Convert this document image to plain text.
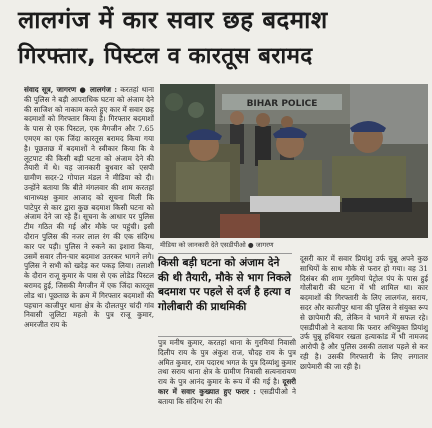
लालगंज में कार सवार छह बदमाश
गिरफ्तार, पिस्टल व कारतूस बरामद
संवाद सूत्र, जागरण ● लालगंज : करतहां थाना की पुलिस ने बड़ी आपराधिक घटना को अंजाम देने की साजिश को नाकाम करते हुए कार में सवार छह बदमाशों को गिरफ्तार किया है। गिरफ्तार बदमाशों के पास से एक पिस्टल, एक मैगजीन और 7.65 एमएम का एक जिंदा कारतूस बरामद किया गया है। पूछताछ में बदमाशों ने स्वीकार किया कि वे लूटपाट की किसी बड़ी घटना को अंजाम देने की तैयारी में थे। यह जानकारी बुधवार को एसपी ग्रामीण सदर-2 गोपाल मंडल ने मीडिया को दी। उन्होंने बताया कि बीते मंगलवार की शाम करतहां थानाध्यक्ष कुमार आजाद को सूचना मिली कि पाटेपुर से कार द्वारा कुछ बदमाश किसी घटना को अंजाम देने जा रहे हैं। सूचना के आधार पर पुलिस टीम गठित की गई और मौके पर पहुंची। इसी दौरान पुलिस की नजर लाल रंग की एक संदिग्ध कार पर पड़ी। पुलिस ने रुकने का इशारा किया, उसमें सवार तीन-चार बदमाश उतरकर भागने लगे। पुलिस ने सभी को खदेड़ कर पकड़ लिया। तलाशी के दौरान राजू कुमार के पास से एक लोडेड पिस्टल बरामद हुई, जिसकी मैगजीन में एक जिंदा कारतूस लोड था। पूछताछ के क्रम में गिरफ्तार बदमाशों की पहचान काजीपुर थाना क्षेत्र के दौलतपुर चांदी गांव निवासी जुलिटा महतो के पुत्र राजू कुमार, अमरजीत राय के
BIHAR POLICE
मीडिया को जानकारी देते एसडीपीओ ● जागरण
किसी बड़ी घटना को अंजाम देने की थी तैयारी, मौके से भाग निकले बदमाश पर पहले से दर्ज है हत्या व गोलीबारी की प्राथमिकी
पुत्र मनीष कुमार, करतहां थाना के गुरमियां निवासी दिलीप राय के पुत्र अंकुश राज, चौदह राय के पुत्र अमित कुमार, राम पदारथ भगत के पुत्र दिव्यांशु कुमार तथा सराय थाना क्षेत्र के ग्रामीण निवासी सत्यनारायण राय के पुत्र आनंद कुमार के रूप में की गई है। दूसरी कार में सवार कुख्यात हुए फरार : एसडीपीओ ने बताया कि संदिग्ध रंग की
दूसरी कार में सवार प्रियांशु उर्फ चुन्नू अपने कुछ साथियों के साथ मौके से फरार हो गया। वह 31 दिसंबर की शाम गुरमियां पेट्रोल पंप के पास हुई गोलीबारी की घटना में भी शामिल था। कार बदमाशों की गिरफ्तारी के लिए लालगंज, सराय, सदर और काजीपुर थाना की पुलिस ने संयुक्त रूप से छापेमारी की, लेकिन वे भागने में सफल रहे। एसडीपीओ ने बताया कि फरार अभियुक्त प्रियांशु उर्फ चुन्नू हथियार रखता हत्याकांड में भी नामजद आरोपी है और पुलिस उसकी तलाश पहले से कर रही है। उसकी गिरफ्तारी के लिए लगातार छापेमारी की जा रही है।
